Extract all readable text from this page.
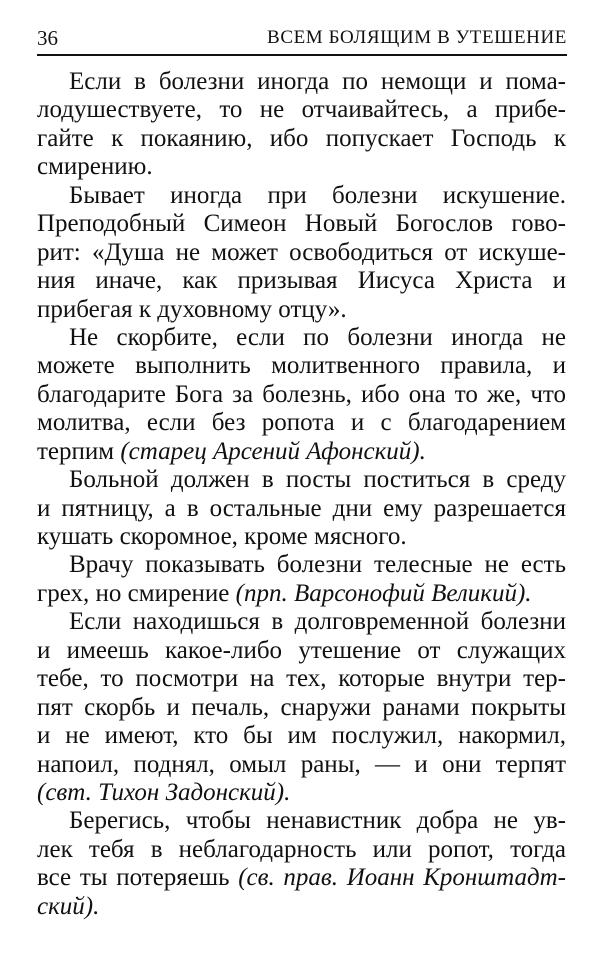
36	ВСЕМ БОЛЯЩИМ В УТЕШЕНИЕ
Если в болезни иногда по немощи и пома-
лодушествуете, то не отчаивайтесь, а прибе-
гайте к покаянию, ибо попускает Господь к
смирению.
Бывает иногда при болезни искушение.
Преподобный Симеон Новый Богослов гово-
рит: «Душа не может освободиться от искуше-
ния иначе, как призывая Иисуса Христа и
прибегая к духовному отцу».
Не скорбите, если по болезни иногда не
можете выполнить молитвенного правила, и
благодарите Бога за болезнь, ибо она то же, что
молитва, если без ропота и с благодарением
терпим (старец Арсений Афонский).
Больной должен в посты поститься в среду
и пятницу, а в остальные дни ему разрешается
кушать скоромное, кроме мясного.
Врачу показывать болезни телесные не есть
грех, но смирение (прп. Варсонофий Великий).
Если находишься в долговременной болезни
и имеешь какое-либо утешение от служащих
тебе, то посмотри на тех, которые внутри тер-
пят скорбь и печаль, снаружи ранами покрыты
и не имеют, кто бы им послужил, накормил,
напоил, поднял, омыл раны, — и они терпят
(свт. Тихон Задонский).
Берегись, чтобы ненавистник добра не ув-
лек тебя в неблагодарность или ропот, тогда
все ты потеряешь (св. прав. Иоанн Кронштадт-
ский).
